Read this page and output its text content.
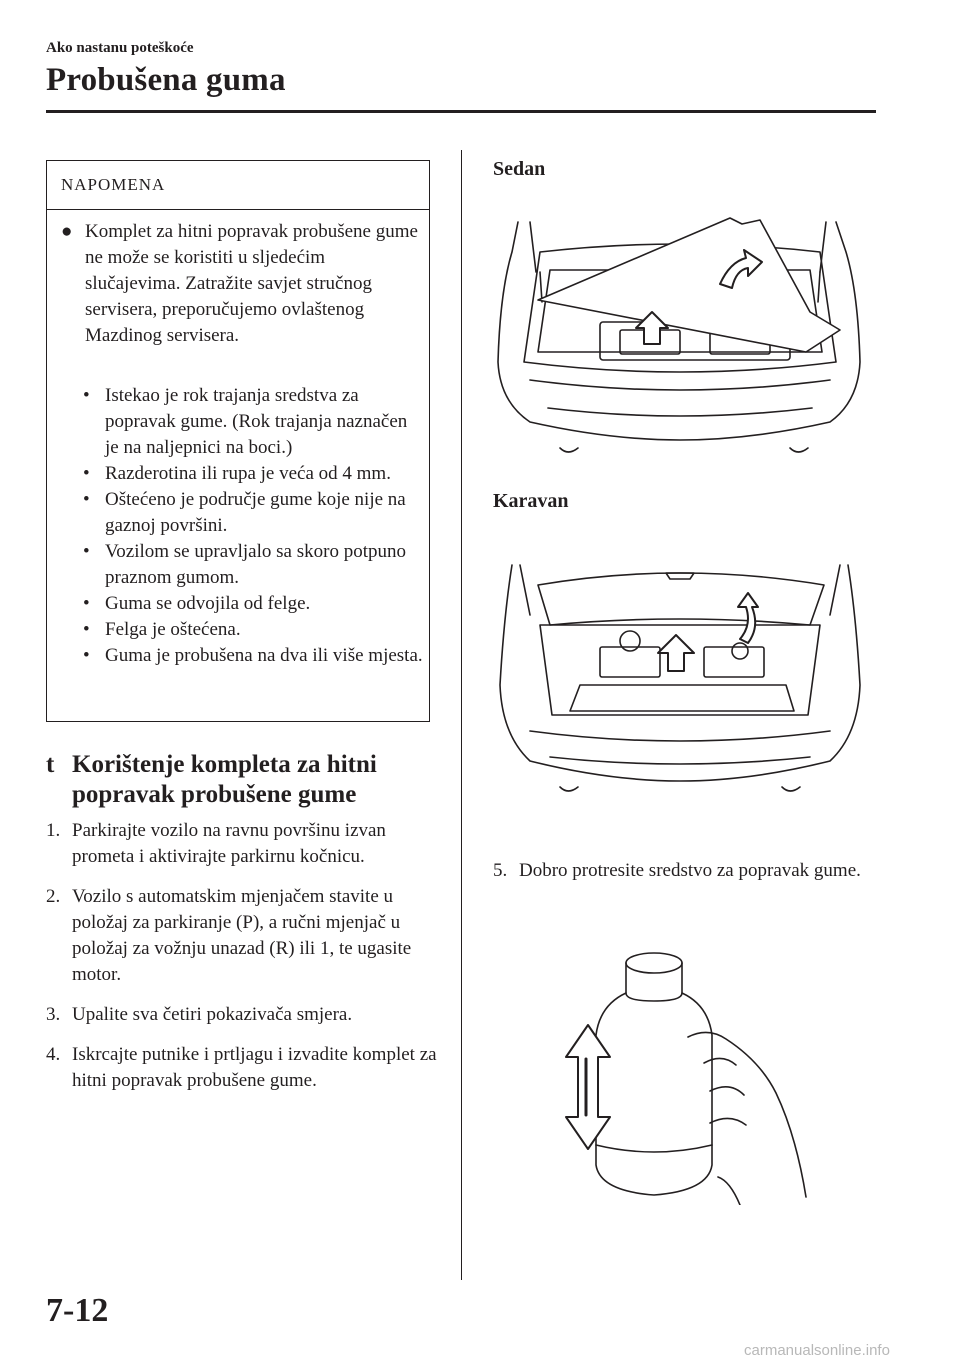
Ako nastanu poteškoće
Probušena guma
NAPOMENA
● Komplet za hitni popravak probušene gume ne može se koristiti u sljedećim slučajevima. Zatražite savjet stručnog servisera, preporučujemo ovlaštenog Mazdinog servisera.
• Istekao je rok trajanja sredstva za popravak gume. (Rok trajanja naznačen je na naljepnici na boci.)
• Razderotina ili rupa je veća od 4 mm.
• Oštećeno je područje gume koje nije na gaznoj površini.
• Vozilom se upravljalo sa skoro potpuno praznom gumom.
• Guma se odvojila od felge.
• Felga je oštećena.
• Guma je probušena na dva ili više mjesta.
t Korištenje kompleta za hitni popravak probušene gume
1. Parkirajte vozilo na ravnu površinu izvan prometa i aktivirajte parkirnu kočnicu.
2. Vozilo s automatskim mjenjačem stavite u položaj za parkiranje (P), a ručni mjenjač u položaj za vožnju unazad (R) ili 1, te ugasite motor.
3. Upalite sva četiri pokazivača smjera.
4. Iskrcajte putnike i prtljagu i izvadite komplet za hitni popravak probušene gume.
Sedan
Karavan
5. Dobro protresite sredstvo za popravak gume.
7-12
carmanualsonline.info
